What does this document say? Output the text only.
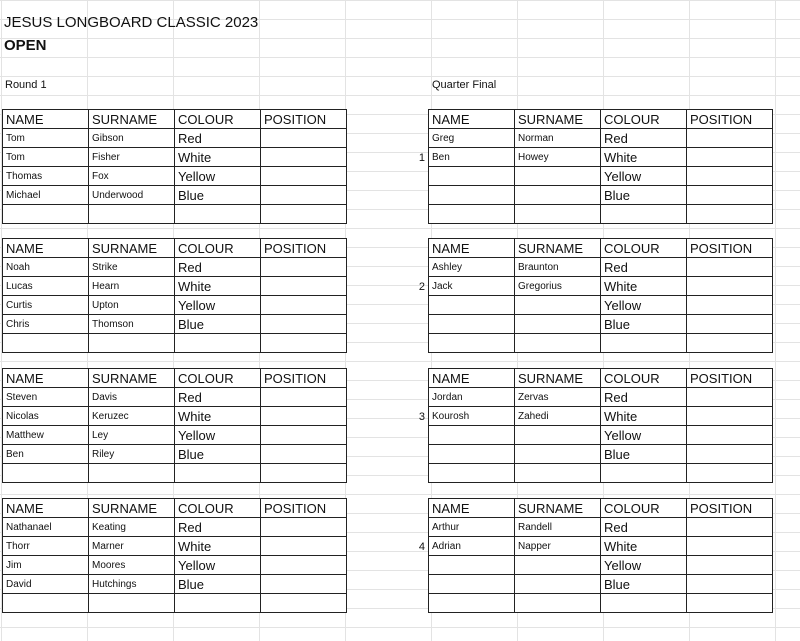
JESUS LONGBOARD CLASSIC 2023
OPEN
Round 1	Quarter Final
NAME	SURNAME	COLOUR	POSITION
Tom	Gibson	Red	
Tom	Fisher	White	
Thomas	Fox	Yellow	
Michael	Underwood	Blue	

NAME	SURNAME	COLOUR	POSITION
Noah	Strike	Red	
Lucas	Hearn	White	
Curtis	Upton	Yellow	
Chris	Thomson	Blue	

NAME	SURNAME	COLOUR	POSITION
Steven	Davis	Red	
Nicolas	Keruzec	White	
Matthew	Ley	Yellow	
Ben	Riley	Blue	

NAME	SURNAME	COLOUR	POSITION
Nathanael	Keating	Red	
Thorr	Marner	White	
Jim	Moores	Yellow	
David	Hutchings	Blue	

NAME	SURNAME	COLOUR	POSITION
Greg	Norman	Red	
Ben	Howey	White	
		Yellow	
		Blue	

1
NAME	SURNAME	COLOUR	POSITION
Ashley	Braunton	Red	
Jack	Gregorius	White	
		Yellow	
		Blue	

2
NAME	SURNAME	COLOUR	POSITION
Jordan	Zervas	Red	
Kourosh	Zahedi	White	
		Yellow	
		Blue	

3
NAME	SURNAME	COLOUR	POSITION
Arthur	Randell	Red	
Adrian	Napper	White	
		Yellow	
		Blue	

4
